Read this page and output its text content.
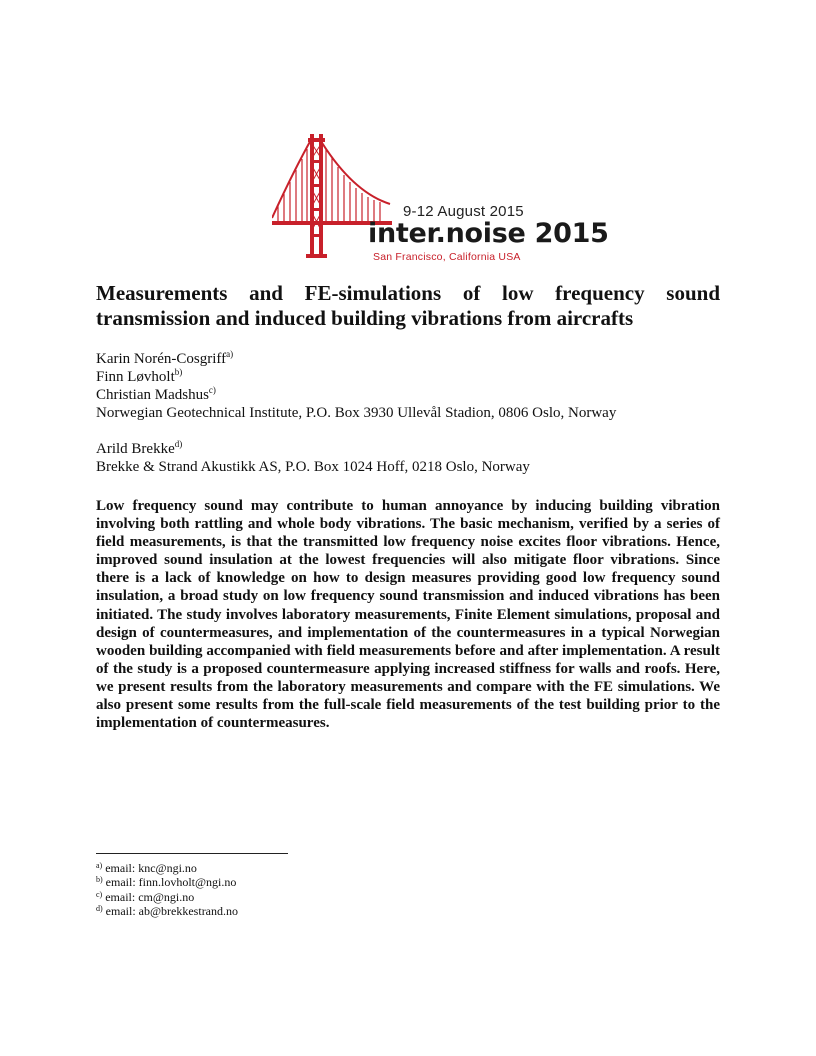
9-12 August 2015
inter.noise 2015
San Francisco, California USA
Measurements and FE-simulations of low frequency sound
transmission and induced building vibrations from aircrafts
Karin Norén-Cosgriff$^{a)}$
Finn Løvholt$^{b)}$
Christian Madshus$^{c)}$
Norwegian Geotechnical Institute, P.O. Box 3930 Ullevål Stadion, 0806 Oslo, Norway
Arild Brekke$^{d)}$
Brekke & Strand Akustikk AS, P.O. Box 1024 Hoff, 0218 Oslo, Norway

Low frequency sound may contribute to human annoyance by inducing building vibration involving both rattling and whole body vibrations. The basic mechanism, verified by a series of field measurements, is that the transmitted low frequency noise excites floor vibrations. Hence, improved sound insulation at the lowest frequencies will also mitigate floor vibrations. Since there is a lack of knowledge on how to design measures providing good low frequency sound insulation, a broad study on low frequency sound transmission and induced vibrations has been initiated. The study involves laboratory measurements, Finite Element simulations, proposal and design of countermeasures, and implementation of the countermeasures in a typical Norwegian wooden building accompanied with field measurements before and after implementation. A result of the study is a proposed countermeasure applying increased stiffness for walls and roofs. Here, we present results from the laboratory measurements and compare with the FE simulations. We also present some results from the full-scale field measurements of the test building prior to the implementation of countermeasures.

$^{a)}$ email: knc@ngi.no
$^{b)}$ email: finn.lovholt@ngi.no
$^{c)}$ email: cm@ngi.no
$^{d)}$ email: ab@brekkestrand.no
